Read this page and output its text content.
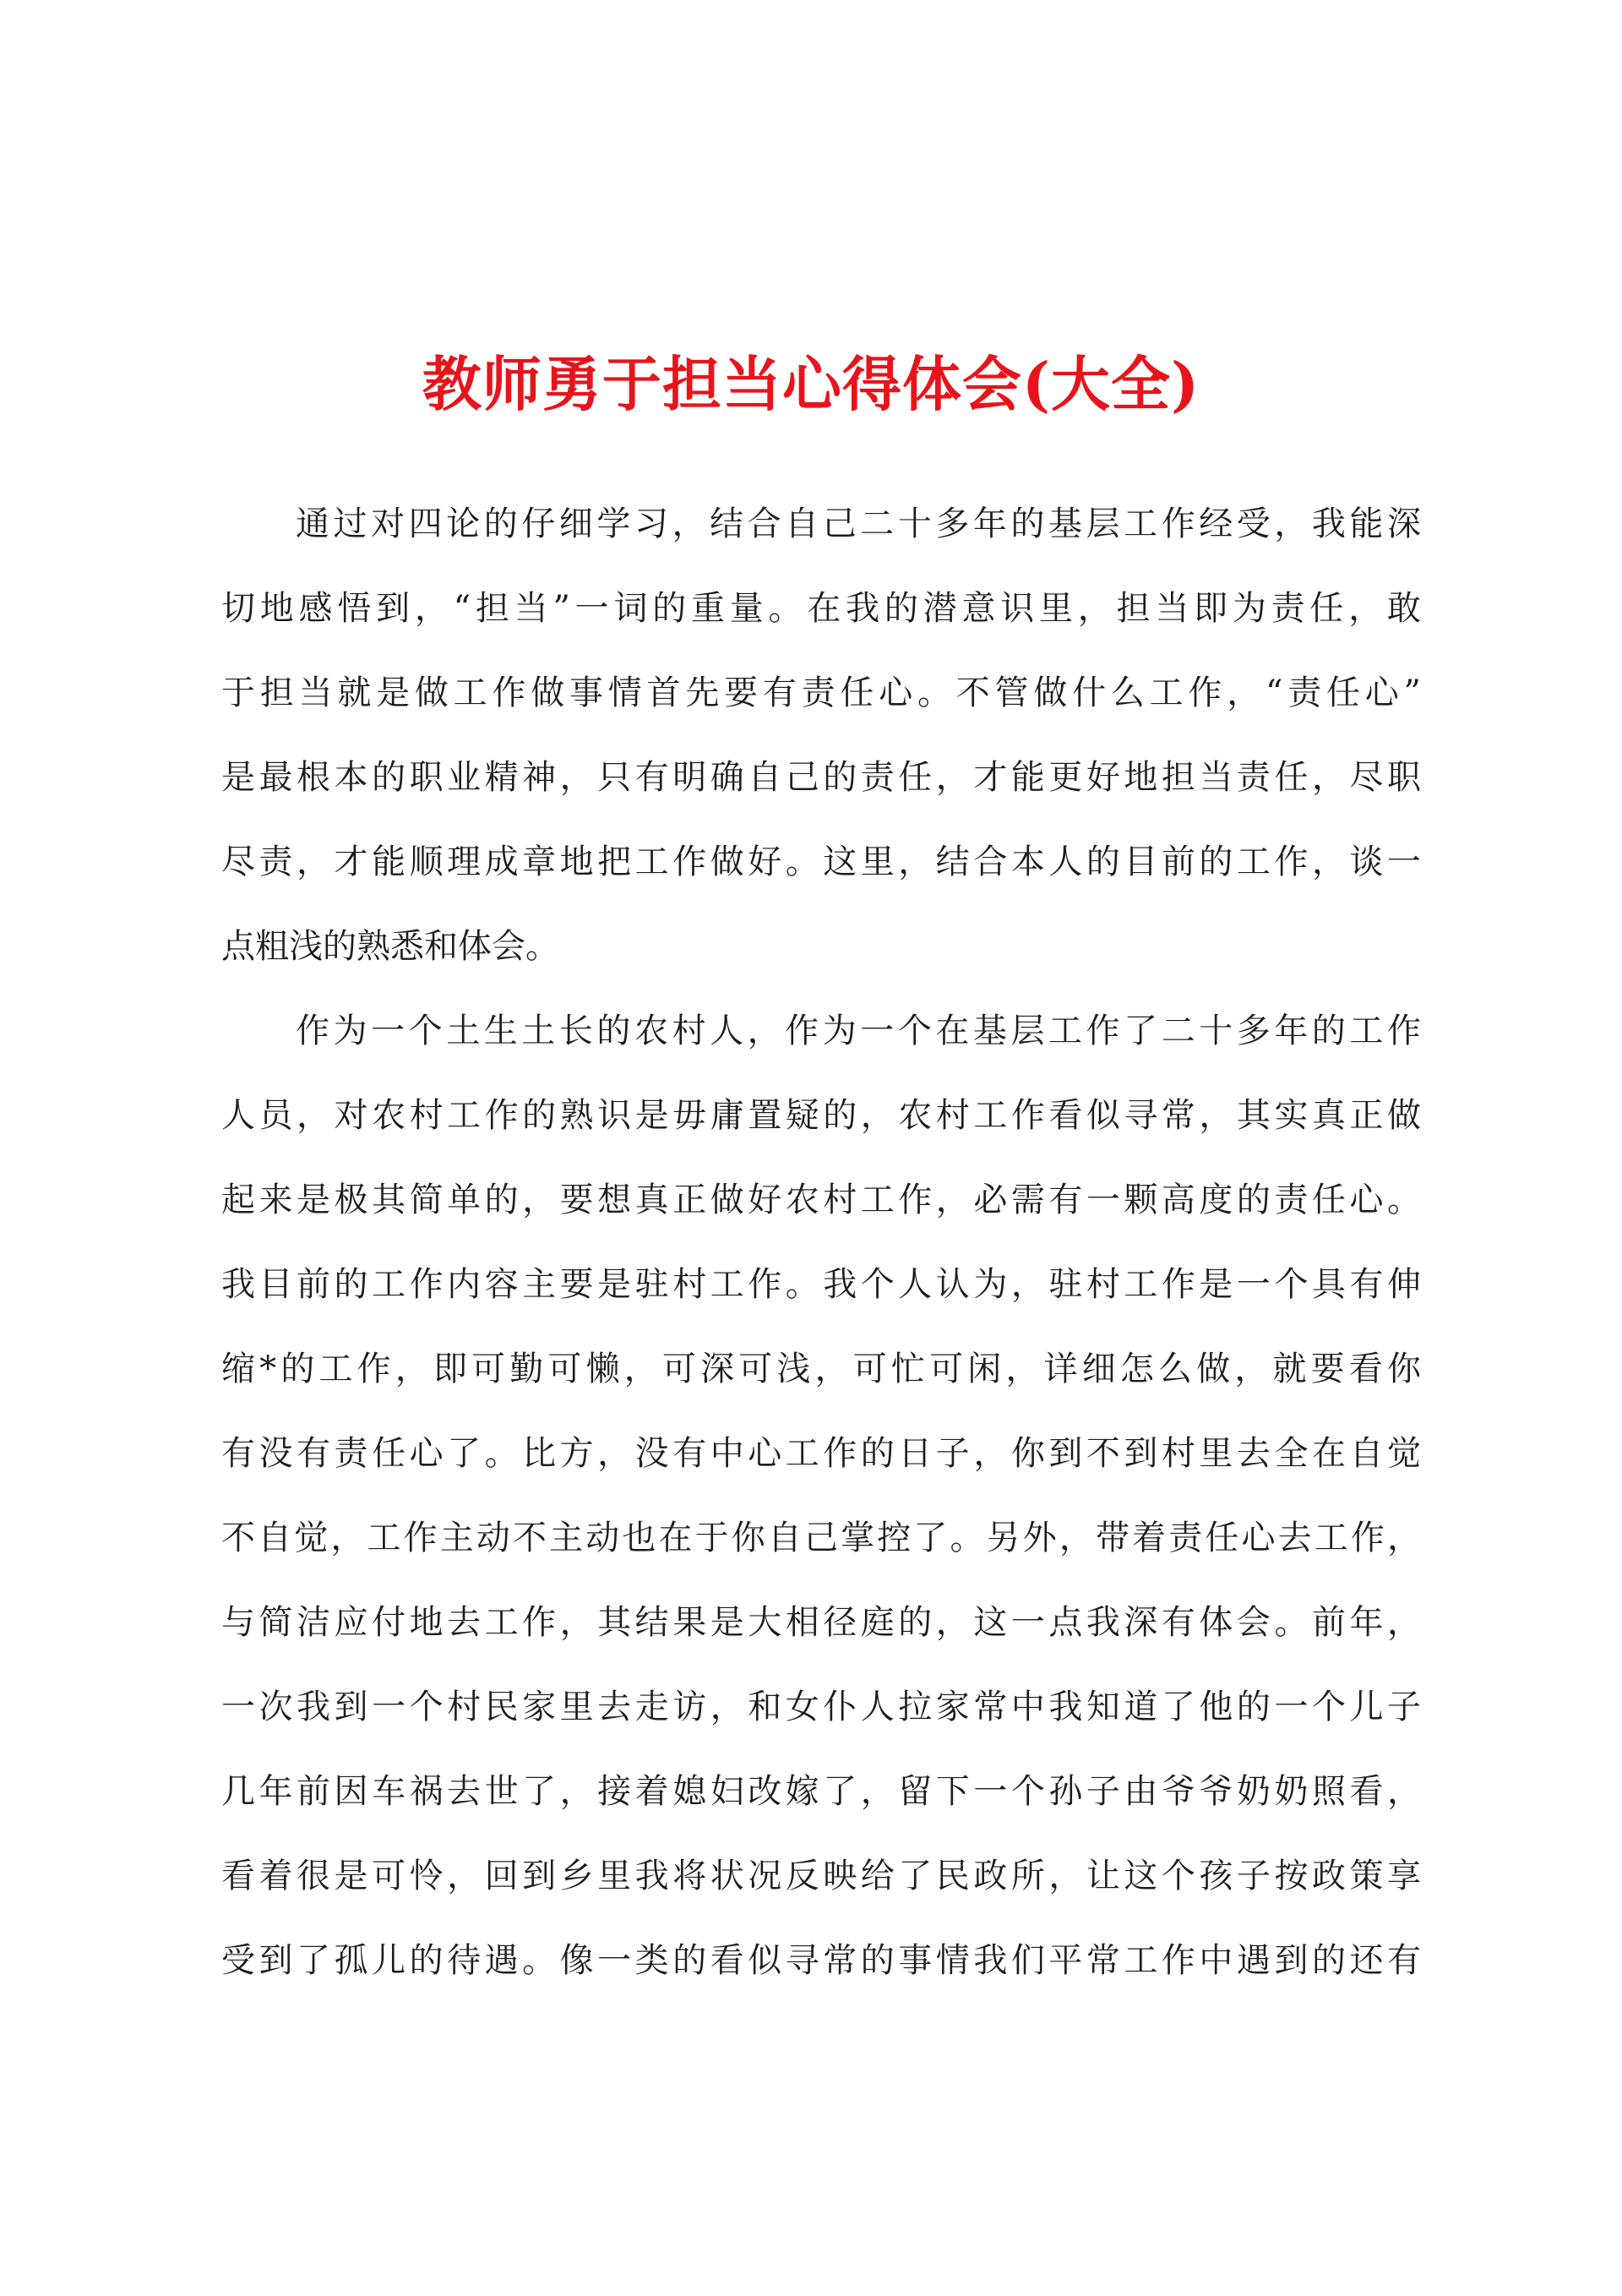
教师勇于担当心得体会(大全)
通过对四论的仔细学习，结合自己二十多年的基层工作经受，我能深
切地感悟到，“担当”一词的重量。在我的潜意识里，担当即为责任，敢
于担当就是做工作做事情首先要有责任心。不管做什么工作，“责任心”
是最根本的职业精神，只有明确自己的责任，才能更好地担当责任，尽职
尽责，才能顺理成章地把工作做好。这里，结合本人的目前的工作，谈一
点粗浅的熟悉和体会。
作为一个土生土长的农村人，作为一个在基层工作了二十多年的工作
人员，对农村工作的熟识是毋庸置疑的，农村工作看似寻常，其实真正做
起来是极其简单的，要想真正做好农村工作，必需有一颗高度的责任心。
我目前的工作内容主要是驻村工作。我个人认为，驻村工作是一个具有伸
缩*的工作，即可勤可懒，可深可浅，可忙可闲，详细怎么做，就要看你
有没有责任心了。比方，没有中心工作的日子，你到不到村里去全在自觉
不自觉，工作主动不主动也在于你自己掌控了。另外，带着责任心去工作，
与简洁应付地去工作，其结果是大相径庭的，这一点我深有体会。前年，
一次我到一个村民家里去走访，和女仆人拉家常中我知道了他的一个儿子
几年前因车祸去世了，接着媳妇改嫁了，留下一个孙子由爷爷奶奶照看，
看着很是可怜，回到乡里我将状况反映给了民政所，让这个孩子按政策享
受到了孤儿的待遇。像一类的看似寻常的事情我们平常工作中遇到的还有
